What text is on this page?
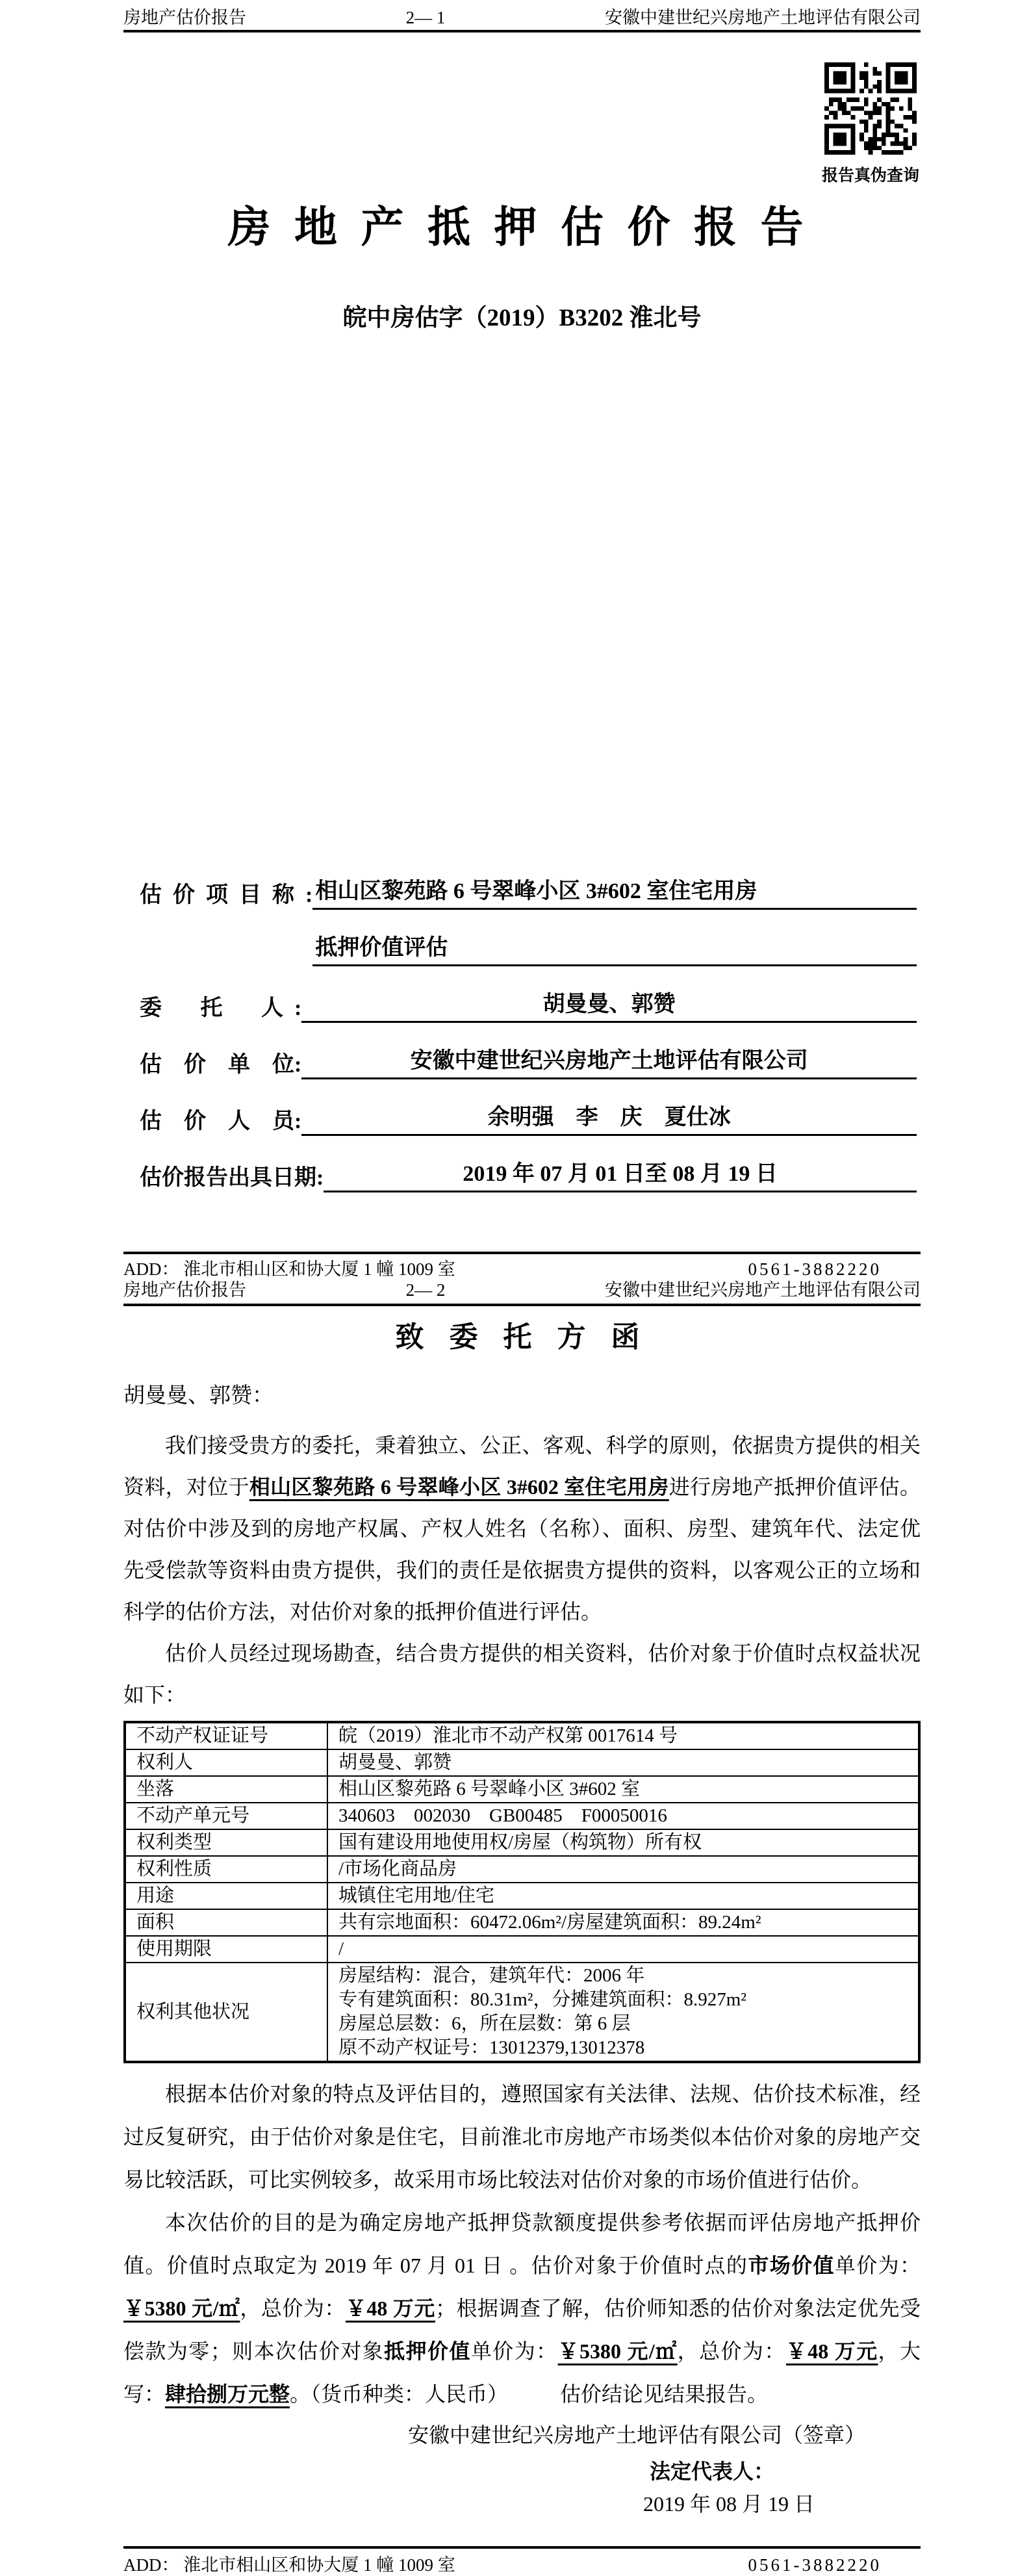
房地产估价报告	2— 1	安徽中建世纪兴房地产土地评估有限公司
报告真伪查询
房 地 产 抵 押 估 价 报 告
皖中房估字（2019）B3202 淮北号
估  价  项  目  称  : 相山区黎苑路 6 号翠峰小区 3#602 室住宅用房
抵押价值评估
委       托       人  :	胡曼曼、郭赞
估    价    单    位:	安徽中建世纪兴房地产土地评估有限公司
估    价    人    员:	余明强　李　庆　夏仕冰
估价报告出具日期:	2019 年 07 月 01 日至 08 月 19 日
ADD： 淮北市相山区和协大厦 1 幢 1009 室	0561-3882220
房地产估价报告	2— 2	安徽中建世纪兴房地产土地评估有限公司
致 委 托 方 函
胡曼曼、郭赞：

我们接受贵方的委托，秉着独立、公正、客观、科学的原则，依据贵方提供的相关资料，对位于相山区黎苑路 6 号翠峰小区 3#602 室住宅用房进行房地产抵押价值评估。对估价中涉及到的房地产权属、产权人姓名（名称）、面积、房型、建筑年代、法定优先受偿款等资料由贵方提供，我们的责任是依据贵方提供的资料，以客观公正的立场和科学的估价方法，对估价对象的抵押价值进行评估。

估价人员经过现场勘查，结合贵方提供的相关资料，估价对象于价值时点权益状况如下：

不动产权证证号	皖（2019）淮北市不动产权第 0017614 号
权利人	胡曼曼、郭赞
坐落	相山区黎苑路 6 号翠峰小区 3#602 室
不动产单元号	340603　002030　GB00485　F00050016
权利类型	国有建设用地使用权/房屋（构筑物）所有权
权利性质	/市场化商品房
用途	城镇住宅用地/住宅
面积	共有宗地面积：60472.06m²/房屋建筑面积：89.24m²
使用期限	/
权利其他状况	房屋结构：混合，建筑年代：2006 年
专有建筑面积：80.31m²，分摊建筑面积：8.927m²
房屋总层数：6，所在层数：第 6 层
原不动产权证号：13012379,13012378

根据本估价对象的特点及评估目的，遵照国家有关法律、法规、估价技术标准，经过反复研究，由于估价对象是住宅，目前淮北市房地产市场类似本估价对象的房地产交易比较活跃，可比实例较多，故采用市场比较法对估价对象的市场价值进行估价。

本次估价的目的是为确定房地产抵押贷款额度提供参考依据而评估房地产抵押价值。价值时点取定为 2019 年 07 月 01 日 。估价对象于价值时点的市场价值单价为：￥5380 元/㎡，总价为：￥48 万元；根据调查了解，估价师知悉的估价对象法定优先受偿款为零；则本次估价对象抵押价值单价为：￥5380 元/㎡，总价为：￥48 万元，大写：肆拾捌万元整。（货币种类：人民币）　　　估价结论见结果报告。

安徽中建世纪兴房地产土地评估有限公司（签章）
法定代表人：
2019 年 08 月 19 日
ADD： 淮北市相山区和协大厦 1 幢 1009 室	0561-3882220
